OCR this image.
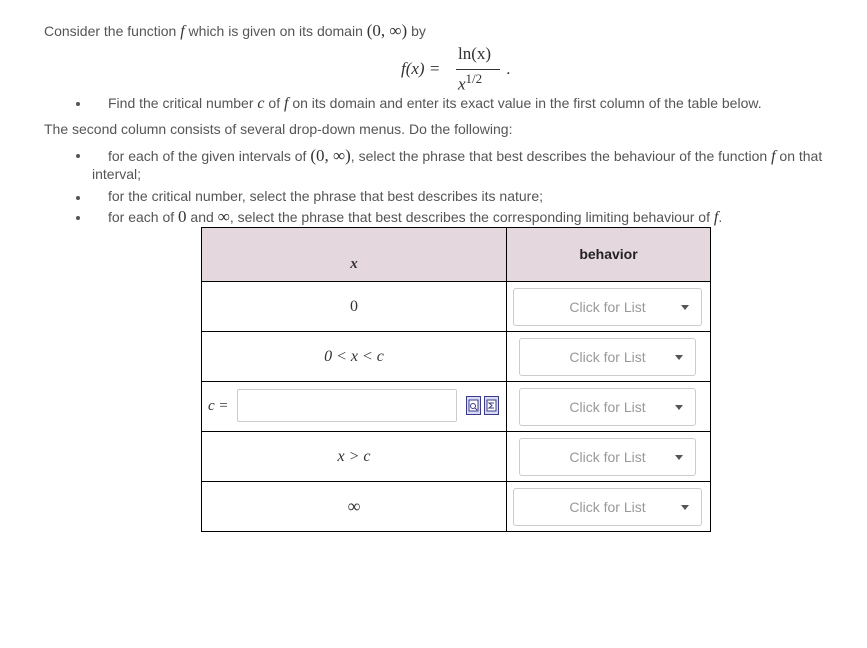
Consider the function f which is given on its domain (0, ∞) by
f(x) =
ln(x)
$x^{1/2}$
.
Find the critical number c of f on its domain and enter its exact value in the first column of the table below.
The second column consists of several drop-down menus. Do the following:
for each of the given intervals of (0, ∞), select the phrase that best describes the behaviour of the function f on that
interval;
for the critical number, select the phrase that best describes its nature;
for each of 0 and ∞, select the phrase that best describes the corresponding limiting behaviour of f.
x	behavior
0	Click for List

0 < x < c	Click for List

c =	Click for List

x > c	Click for List

∞	Click for List
